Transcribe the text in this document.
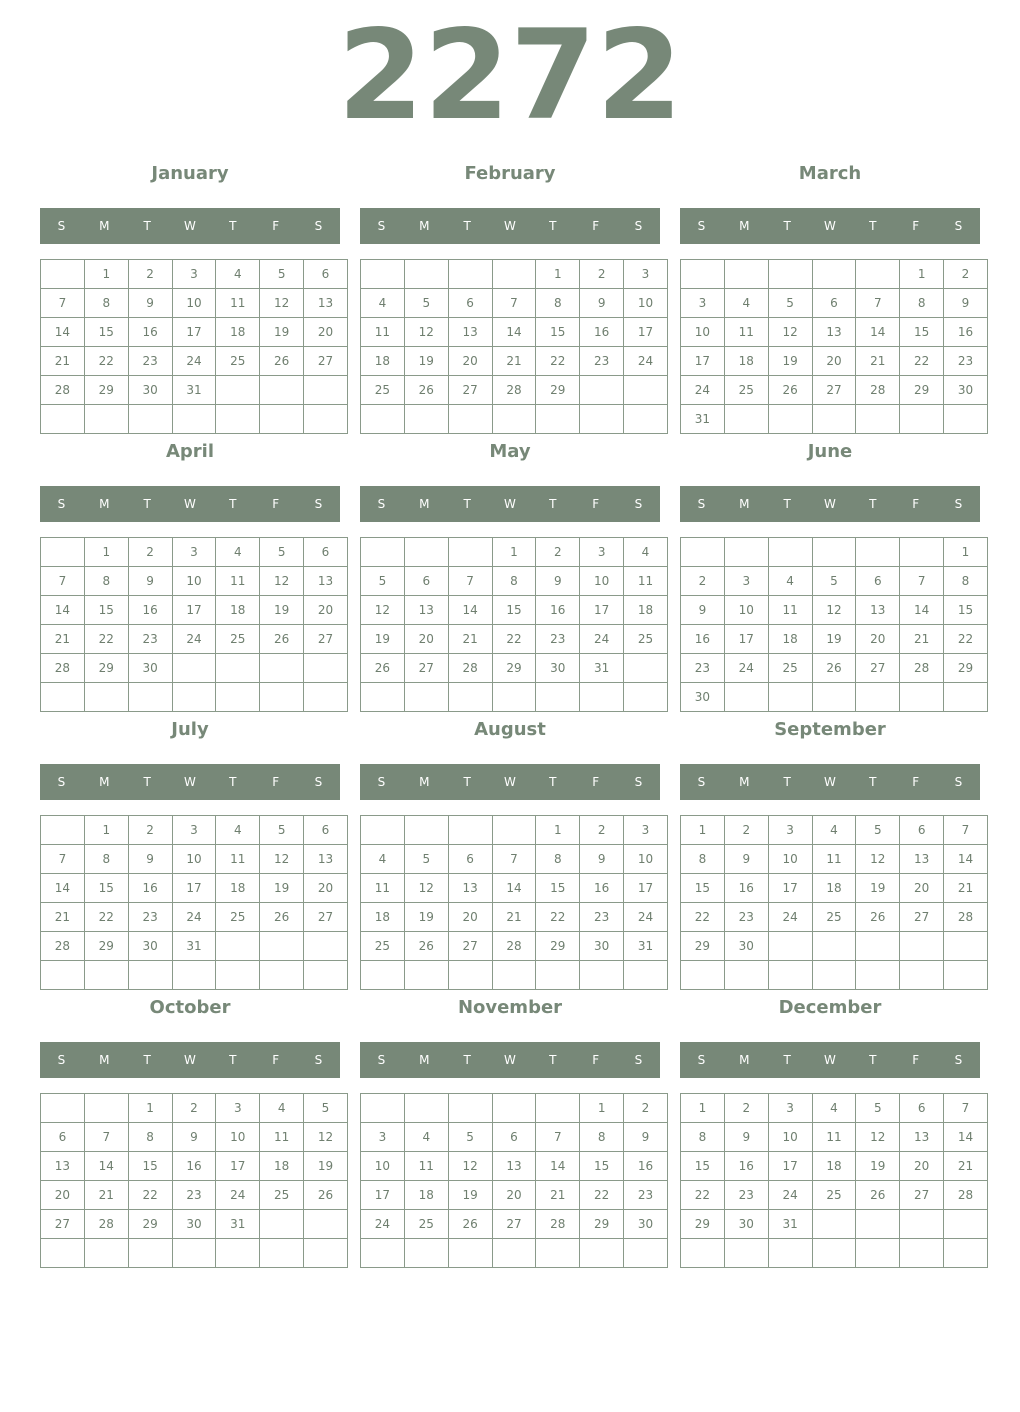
2272
January
S	M	T	W	T	F	S
	1	2	3	4	5	6
7	8	9	10	11	12	13
14	15	16	17	18	19	20
21	22	23	24	25	26	27
28	29	30	31			

February
S	M	T	W	T	F	S
				1	2	3
4	5	6	7	8	9	10
11	12	13	14	15	16	17
18	19	20	21	22	23	24
25	26	27	28	29		

March
S	M	T	W	T	F	S
					1	2
3	4	5	6	7	8	9
10	11	12	13	14	15	16
17	18	19	20	21	22	23
24	25	26	27	28	29	30
31						
April
S	M	T	W	T	F	S
	1	2	3	4	5	6
7	8	9	10	11	12	13
14	15	16	17	18	19	20
21	22	23	24	25	26	27
28	29	30				

May
S	M	T	W	T	F	S
			1	2	3	4
5	6	7	8	9	10	11
12	13	14	15	16	17	18
19	20	21	22	23	24	25
26	27	28	29	30	31	

June
S	M	T	W	T	F	S
						1
2	3	4	5	6	7	8
9	10	11	12	13	14	15
16	17	18	19	20	21	22
23	24	25	26	27	28	29
30						
July
S	M	T	W	T	F	S
	1	2	3	4	5	6
7	8	9	10	11	12	13
14	15	16	17	18	19	20
21	22	23	24	25	26	27
28	29	30	31			

August
S	M	T	W	T	F	S
				1	2	3
4	5	6	7	8	9	10
11	12	13	14	15	16	17
18	19	20	21	22	23	24
25	26	27	28	29	30	31

September
S	M	T	W	T	F	S
1	2	3	4	5	6	7
8	9	10	11	12	13	14
15	16	17	18	19	20	21
22	23	24	25	26	27	28
29	30					

October
S	M	T	W	T	F	S
		1	2	3	4	5
6	7	8	9	10	11	12
13	14	15	16	17	18	19
20	21	22	23	24	25	26
27	28	29	30	31		

November
S	M	T	W	T	F	S
					1	2
3	4	5	6	7	8	9
10	11	12	13	14	15	16
17	18	19	20	21	22	23
24	25	26	27	28	29	30

December
S	M	T	W	T	F	S
1	2	3	4	5	6	7
8	9	10	11	12	13	14
15	16	17	18	19	20	21
22	23	24	25	26	27	28
29	30	31				
